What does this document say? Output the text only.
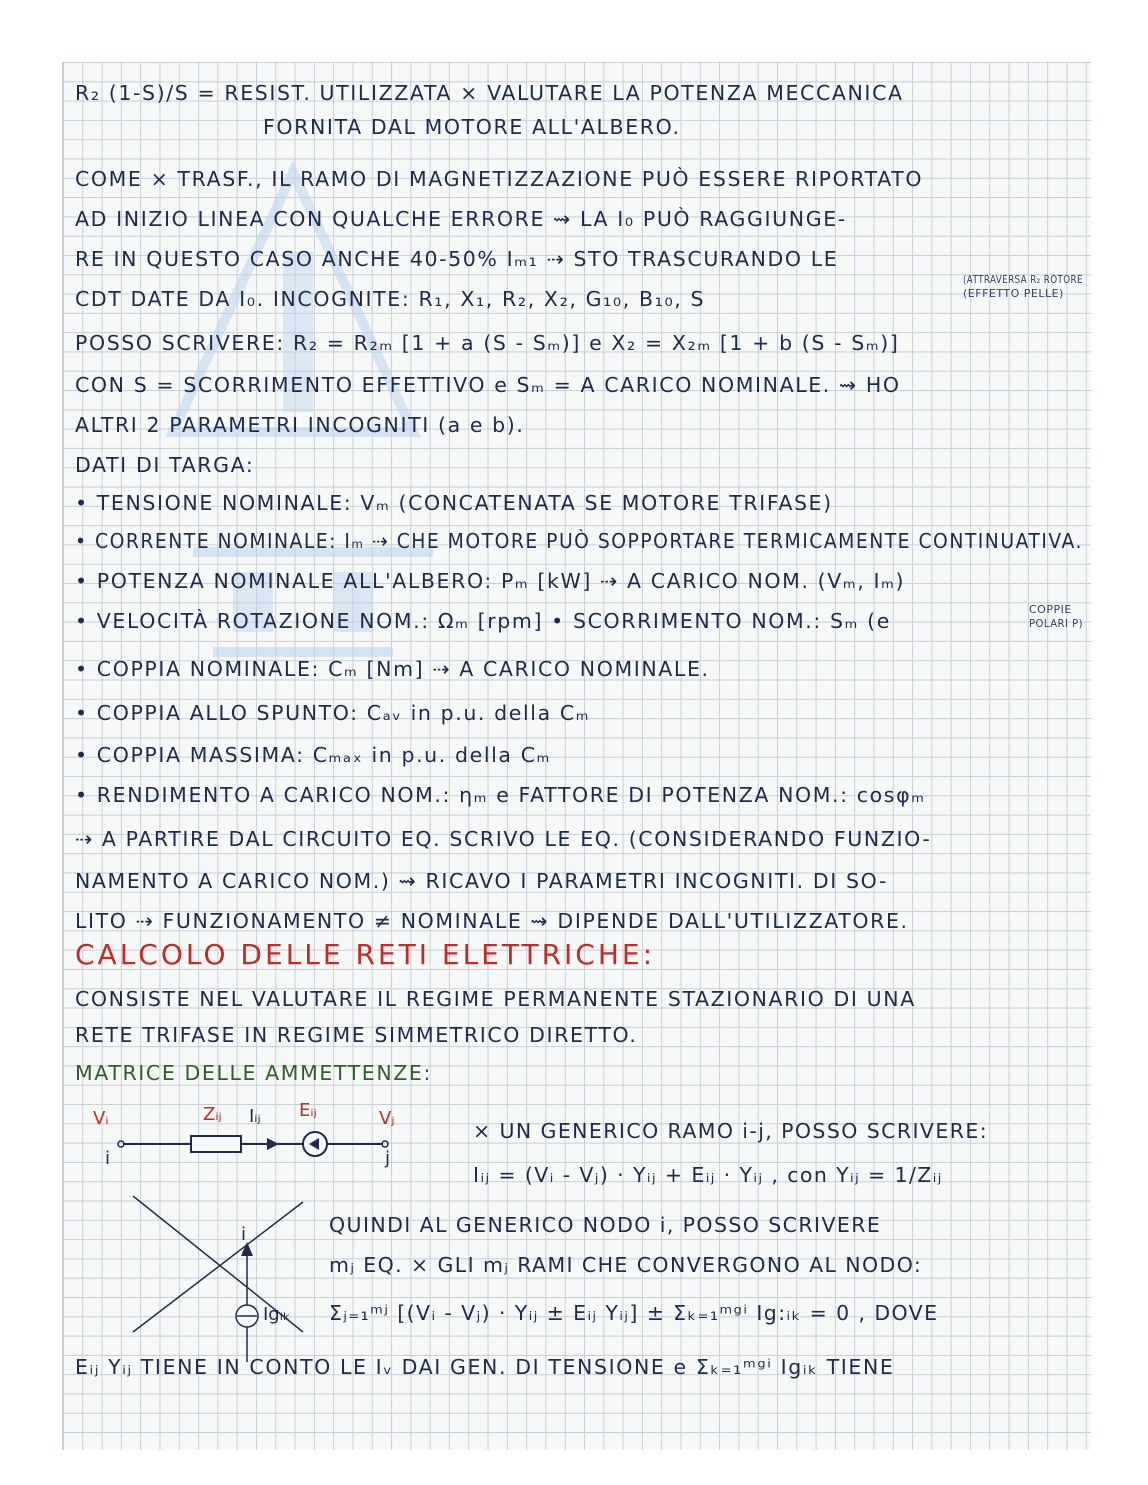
R₂ (1-S)/S = RESIST. UTILIZZATA × VALUTARE LA POTENZA MECCANICA
FORNITA DAL MOTORE ALL'ALBERO.
COME × TRASF., IL RAMO DI MAGNETIZZAZIONE PUÒ ESSERE RIPORTATO
AD INIZIO LINEA CON QUALCHE ERRORE ⇝ LA I₀ PUÒ RAGGIUNGE-
RE IN QUESTO CASO ANCHE 40-50% Iₘ₁ ⇢ STO TRASCURANDO LE
CDT DATE DA I₀. INCOGNITE: R₁, X₁, R₂, X₂, G₁₀, B₁₀, S
(ATTRAVERSA R₂ ROTORE
(EFFETTO PELLE)
POSSO SCRIVERE: R₂ = R₂ₘ [1 + a (S - Sₘ)] e X₂ = X₂ₘ [1 + b (S - Sₘ)]
CON S = SCORRIMENTO EFFETTIVO e Sₘ = A CARICO NOMINALE. ⇝ HO
ALTRI 2 PARAMETRI INCOGNITI (a e b).
DATI DI TARGA:
• TENSIONE NOMINALE: Vₘ (CONCATENATA SE MOTORE TRIFASE)
• CORRENTE NOMINALE: Iₘ ⇢ CHE MOTORE PUÒ SOPPORTARE TERMICAMENTE CONTINUATIVA.
• POTENZA NOMINALE ALL'ALBERO: Pₘ [kW] ⇢ A CARICO NOM. (Vₘ, Iₘ)
• VELOCITÀ ROTAZIONE NOM.: Ωₘ [rpm] • SCORRIMENTO NOM.: Sₘ (e	COPPIE
POLARI P)
• COPPIA NOMINALE: Cₘ [Nm] ⇢ A CARICO NOMINALE.
• COPPIA ALLO SPUNTO: Cₐᵥ in p.u. della Cₘ
• COPPIA MASSIMA: Cₘₐₓ in p.u. della Cₘ
• RENDIMENTO A CARICO NOM.: ηₘ e FATTORE DI POTENZA NOM.: cosφₘ
⇢ A PARTIRE DAL CIRCUITO EQ. SCRIVO LE EQ. (CONSIDERANDO FUNZIO-
NAMENTO A CARICO NOM.) ⇝ RICAVO I PARAMETRI INCOGNITI. DI SO-
LITO ⇢ FUNZIONAMENTO ≠ NOMINALE ⇝ DIPENDE DALL'UTILIZZATORE.
CALCOLO DELLE RETI ELETTRICHE:
CONSISTE NEL VALUTARE IL REGIME PERMANENTE STAZIONARIO DI UNA
RETE TRIFASE IN REGIME SIMMETRICO DIRETTO.
MATRICE DELLE AMMETTENZE:
Vᵢ	Zᵢⱼ Iᵢⱼ Eᵢⱼ	Vⱼ
i	j
i
Igᵢₖ
× UN GENERICO RAMO i-j, POSSO SCRIVERE:
Iᵢⱼ = (Vᵢ - Vⱼ) · Yᵢⱼ + Eᵢⱼ · Yᵢⱼ , con Yᵢⱼ = 1/Zᵢⱼ
QUINDI AL GENERICO NODO i, POSSO SCRIVERE
mⱼ EQ. × GLI mⱼ RAMI CHE CONVERGONO AL NODO:
Σⱼ₌₁ᵐʲ [(Vᵢ - Vⱼ) · Yᵢⱼ ± Eᵢⱼ Yᵢⱼ] ± Σₖ₌₁ᵐᵍⁱ Ig:ᵢₖ = 0 , DOVE
Eᵢⱼ Yᵢⱼ TIENE IN CONTO LE Iᵥ DAI GEN. DI TENSIONE e Σₖ₌₁ᵐᵍⁱ Igᵢₖ TIENE
